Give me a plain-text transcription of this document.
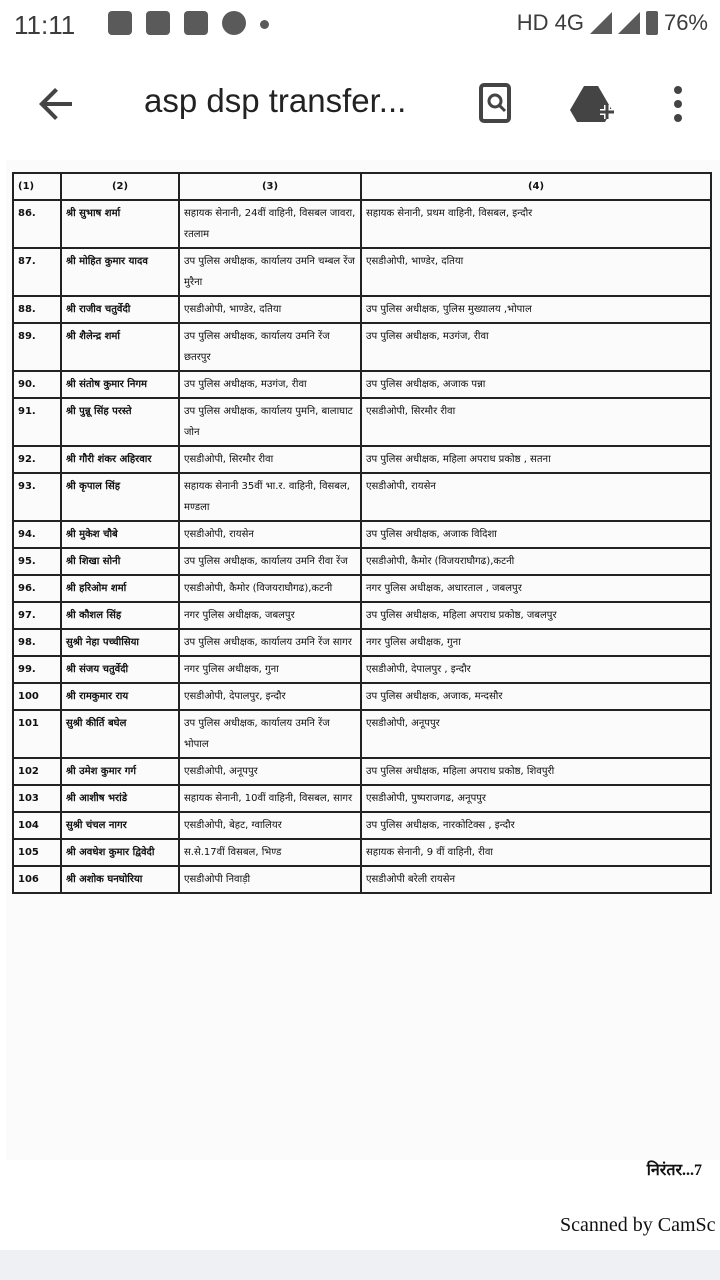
11:11	HD 4G	76%
asp dsp transfer...
(1)	(2)	(3)	(4)
86.	श्री सुभाष शर्मा	सहायक सेनानी, 24वीं वाहिनी, विसबल जावरा, रतलाम	सहायक सेनानी, प्रथम वाहिनी, विसबल, इन्दौर
87.	श्री मोहित कुमार यादव	उप पुलिस अधीक्षक, कार्यालय उमनि चम्बल रेंज मुरैना	एसडीओपी, भाण्डेर, दतिया
88.	श्री राजीव चतुर्वेदी	एसडीओपी, भाण्डेर, दतिया	उप पुलिस अधीक्षक, पुलिस मुख्यालय ,भोपाल
89.	श्री शैलेन्द्र शर्मा	उप पुलिस अधीक्षक, कार्यालय उमनि रेंज छतरपुर	उप पुलिस अधीक्षक, मउगंज, रीवा
90.	श्री संतोष कुमार निगम	उप पुलिस अधीक्षक, मउगंज, रीवा	उप पुलिस अधीक्षक, अजाक पन्ना
91.	श्री पुन्नू सिंह परस्ते	उप पुलिस अधीक्षक, कार्यालय पुमनि, बालाघाट जोन	एसडीओपी, सिरमौर रीवा
92.	श्री गौरी शंकर अहिरवार	एसडीओपी, सिरमौर रीवा	उप पुलिस अधीक्षक, महिला अपराध प्रकोष्ठ , सतना
93.	श्री कृपाल सिंह	सहायक सेनानी 35वीं भा.र. वाहिनी, विसबल, मण्डला	एसडीओपी, रायसेन
94.	श्री मुकेश चौबे	एसडीओपी, रायसेन	उप पुलिस अधीक्षक, अजाक विदिशा
95.	श्री शिखा सोनी	उप पुलिस अधीक्षक, कार्यालय उमनि रीवा रेंज	एसडीओपी, कैमोर (विजयराघौगढ),कटनी
96.	श्री हरिओम शर्मा	एसडीओपी, कैमोर (विजयराघौगढ),कटनी	नगर पुलिस अधीक्षक, अधारताल , जबलपुर
97.	श्री कौशल सिंह	नगर पुलिस अधीक्षक, जबलपुर	उप पुलिस अधीक्षक, महिला अपराध प्रकोष्ठ, जबलपुर
98.	सुश्री नेहा पच्चीसिया	उप पुलिस अधीक्षक, कार्यालय उमनि रेंज सागर	नगर पुलिस अधीक्षक, गुना
99.	श्री संजय चतुर्वेदी	नगर पुलिस अधीक्षक, गुना	एसडीओपी, देपालपुर , इन्दौर
100	श्री रामकुमार राय	एसडीओपी, देपालपुर, इन्दौर	उप पुलिस अधीक्षक, अजाक, मन्दसौर
101	सुश्री कीर्ति बघेल	उप पुलिस अधीक्षक, कार्यालय उमनि रेंज भोपाल	एसडीओपी, अनूपपुर
102	श्री उमेश कुमार गर्ग	एसडीओपी, अनूपपुर	उप पुलिस अधीक्षक, महिला अपराध प्रकोष्ठ, शिवपुरी
103	श्री आशीष भरांडे	सहायक सेनानी, 10वीं वाहिनी, विसबल, सागर	एसडीओपी, पुष्पराजगढ, अनूपपुर
104	सुश्री चंचल नागर	एसडीओपी, बेहट, ग्वालियर	उप पुलिस अधीक्षक, नारकोटिक्स , इन्दौर
105	श्री अवधेश कुमार द्विवेदी	स.से.17वीं विसबल, भिण्ड	सहायक सेनानी, 9 वीं वाहिनी, रीवा
106	श्री अशोक घनघोरिया	एसडीओपी निवाड़ी	एसडीओपी बरेली रायसेन
निरंतर...7
Scanned by CamSc
